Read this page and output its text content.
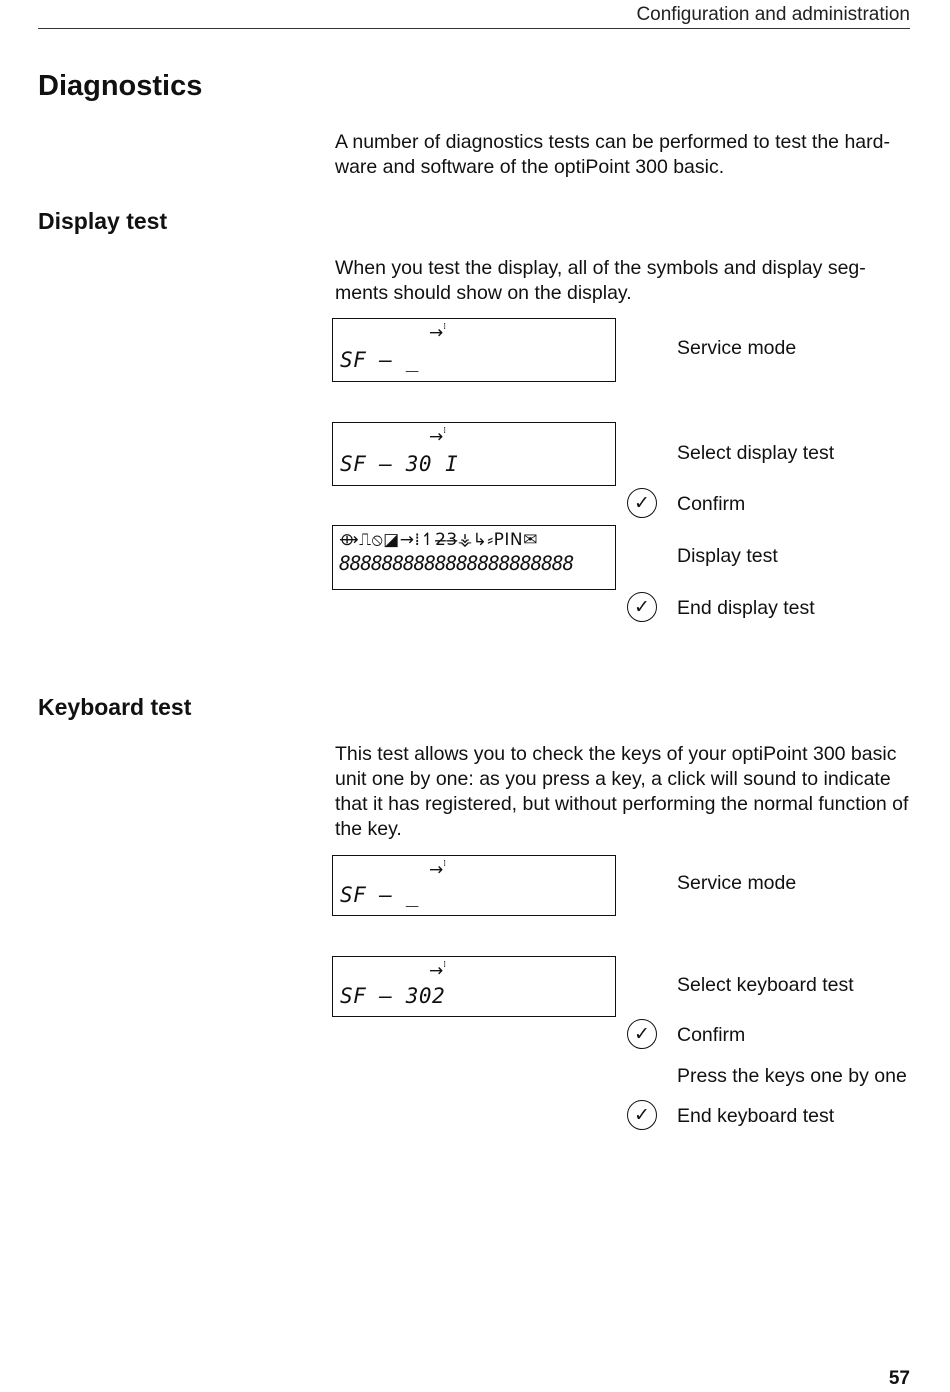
Configuration and administration
Diagnostics
A number of diagnostics tests can be performed to test the hard-ware and software of the optiPoint 300 basic.
Display test
When you test the display, all of the symbols and display seg-ments should show on the display.
→⁞
SF – _	Service mode
→⁞
SF – 30 I	Select display test
✓	Confirm
⟴⎍⦸◪→⁞↿2̶3̶⚶↳⸗PIN✉
8888888888888888888888	Display test
✓	End display test
Keyboard test
This test allows you to check the keys of your optiPoint 300 basic unit one by one: as you press a key, a click will sound to indicate that it has registered, but without performing the normal function of the key.
→⁞
SF – _	Service mode
→⁞
SF – 302	Select keyboard test
✓	Confirm
Press the keys one by one
✓	End keyboard test
57
